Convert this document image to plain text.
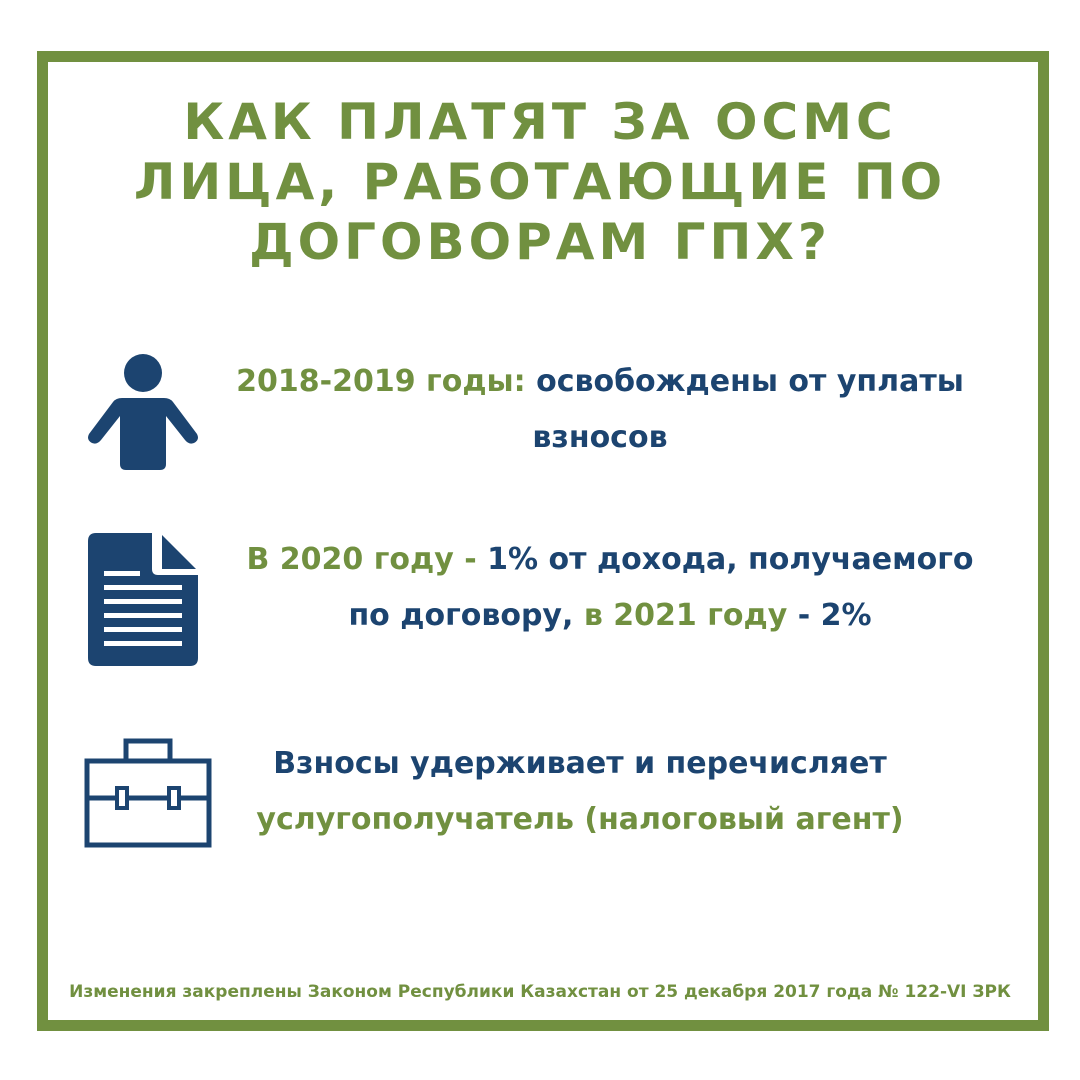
КАК ПЛАТЯТ ЗА ОСМС
ЛИЦА, РАБОТАЮЩИЕ ПО
ДОГОВОРАМ ГПХ?
2018-2019 годы: освобождены от уплаты
взносов
В 2020 году - 1% от дохода, получаемого
по договору, в 2021 году - 2%
Взносы удерживает и перечисляет
услугополучатель (налоговый агент)
Изменения закреплены Законом Республики Казахстан от 25 декабря 2017 года № 122-VI ЗРК
